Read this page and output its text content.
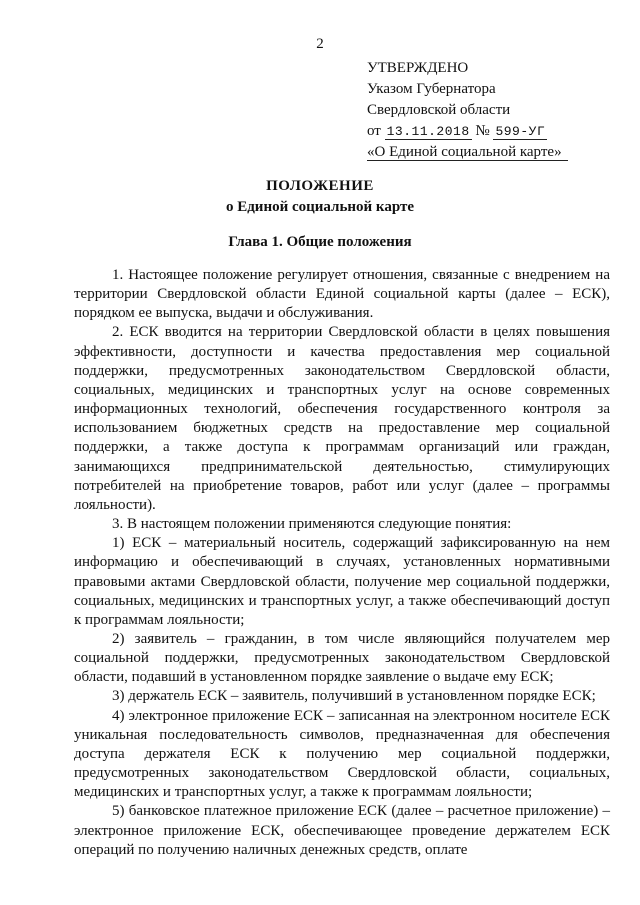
2
УТВЕРЖДЕНО
Указом Губернатора
Свердловской области
от 13.11.2018 № 599-УГ
«О Единой социальной карте»
ПОЛОЖЕНИЕ
о Единой социальной карте
Глава 1. Общие положения

1. Настоящее положение регулирует отношения, связанные с внедрением на территории Свердловской области Единой социальной карты (далее – ЕСК), порядком ее выпуска, выдачи и обслуживания.

2. ЕСК вводится на территории Свердловской области в целях повышения эффективности, доступности и качества предоставления мер социальной поддержки, предусмотренных законодательством Свердловской области, социальных, медицинских и транспортных услуг на основе современных информационных технологий, обеспечения государственного контроля за использованием бюджетных средств на предоставление мер социальной поддержки, а также доступа к программам организаций или граждан, занимающихся предпринимательской деятельностью, стимулирующих потребителей на приобретение товаров, работ или услуг (далее – программы лояльности).

3. В настоящем положении применяются следующие понятия:

1) ЕСК – материальный носитель, содержащий зафиксированную на нем информацию и обеспечивающий в случаях, установленных нормативными правовыми актами Свердловской области, получение мер социальной поддержки, социальных, медицинских и транспортных услуг, а также обеспечивающий доступ к программам лояльности;

2) заявитель – гражданин, в том числе являющийся получателем мер социальной поддержки, предусмотренных законодательством Свердловской области, подавший в установленном порядке заявление о выдаче ему ЕСК;

3) держатель ЕСК – заявитель, получивший в установленном порядке ЕСК;

4) электронное приложение ЕСК – записанная на электронном носителе ЕСК уникальная последовательность символов, предназначенная для обеспечения доступа держателя ЕСК к получению мер социальной поддержки, предусмотренных законодательством Свердловской области, социальных, медицинских и транспортных услуг, а также к программам лояльности;

5) банковское платежное приложение ЕСК (далее – расчетное приложение) – электронное приложение ЕСК, обеспечивающее проведение держателем ЕСК операций по получению наличных денежных средств, оплате
